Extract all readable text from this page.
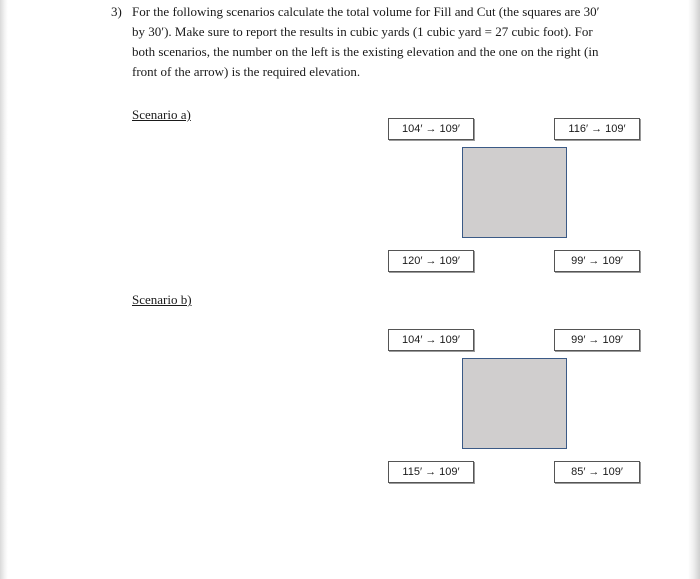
3) For the following scenarios calculate the total volume for Fill and Cut (the squares are 30′
by 30′). Make sure to report the results in cubic yards (1 cubic yard = 27 cubic foot). For
both scenarios, the number on the left is the existing elevation and the one on the right (in
front of the arrow) is the required elevation.
Scenario a)
104′ → 109′	116′ → 109′
120′ → 109′	99′ → 109′
Scenario b)
104′ → 109′	99′ → 109′
115′ → 109′	85′ → 109′
